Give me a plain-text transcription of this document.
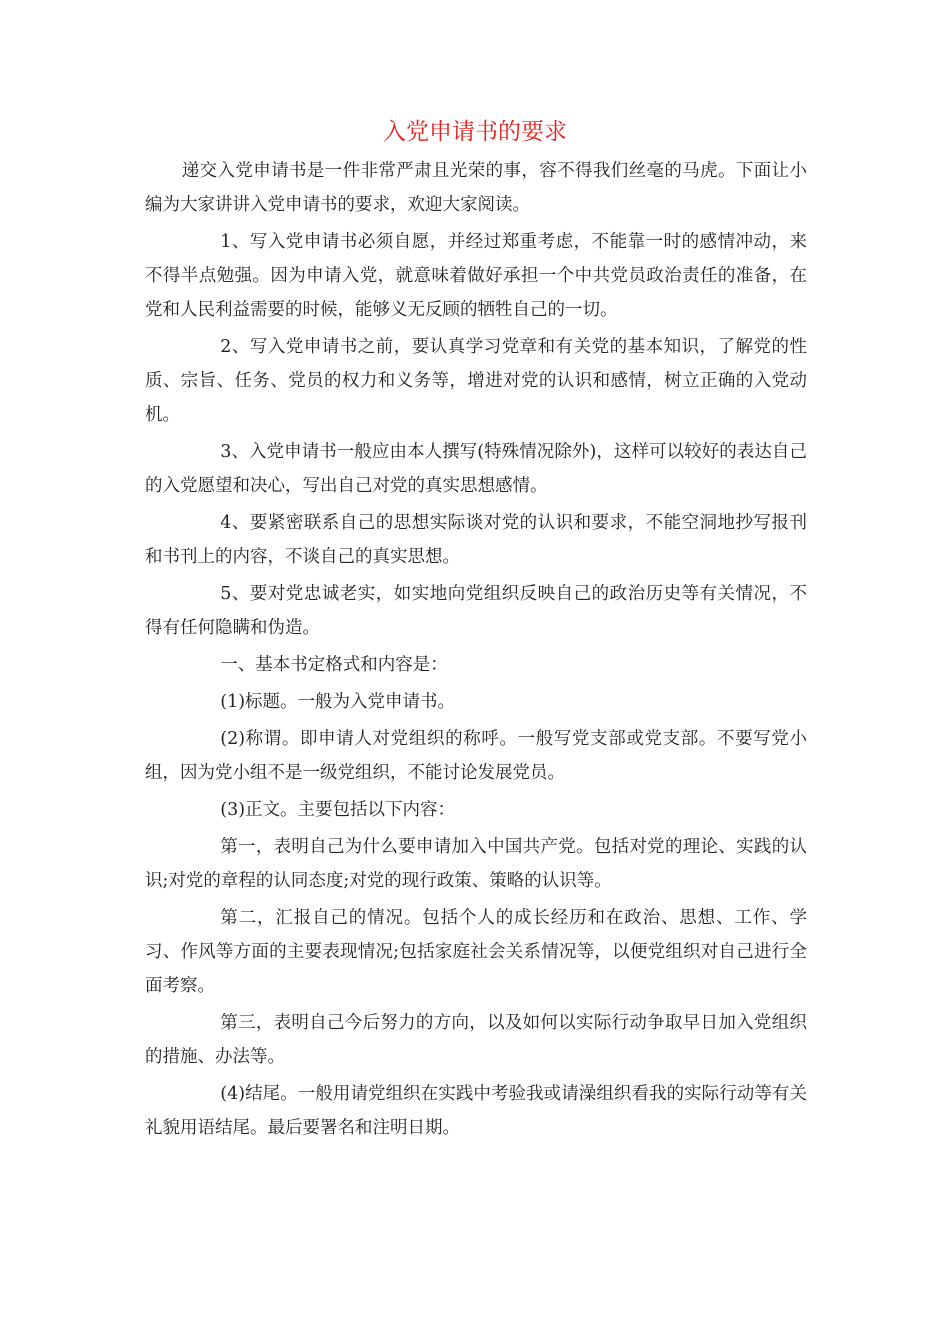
入党申请书的要求

递交入党申请书是一件非常严肃且光荣的事，容不得我们丝毫的马虎。下面让小编为大家讲讲入党申请书的要求，欢迎大家阅读。

1、写入党申请书必须自愿，并经过郑重考虑，不能靠一时的感情冲动，来不得半点勉强。因为申请入党，就意味着做好承担一个中共党员政治责任的准备，在党和人民利益需要的时候，能够义无反顾的牺牲自己的一切。

2、写入党申请书之前，要认真学习党章和有关党的基本知识，了解党的性质、宗旨、任务、党员的权力和义务等，增进对党的认识和感情，树立正确的入党动机。

3、入党申请书一般应由本人撰写(特殊情况除外)，这样可以较好的表达自己的入党愿望和决心，写出自己对党的真实思想感情。

4、要紧密联系自己的思想实际谈对党的认识和要求，不能空洞地抄写报刊和书刊上的内容，不谈自己的真实思想。

5、要对党忠诚老实，如实地向党组织反映自己的政治历史等有关情况，不得有任何隐瞒和伪造。

一、基本书定格式和内容是：

(1)标题。一般为入党申请书。

(2)称谓。即申请人对党组织的称呼。一般写党支部或党支部。不要写党小组，因为党小组不是一级党组织，不能讨论发展党员。

(3)正文。主要包括以下内容：

第一，表明自己为什么要申请加入中国共产党。包括对党的理论、实践的认识;对党的章程的认同态度;对党的现行政策、策略的认识等。

第二，汇报自己的情况。包括个人的成长经历和在政治、思想、工作、学习、作风等方面的主要表现情况;包括家庭社会关系情况等，以便党组织对自己进行全面考察。

第三，表明自己今后努力的方向，以及如何以实际行动争取早日加入党组织的措施、办法等。

(4)结尾。一般用请党组织在实践中考验我或请澡组织看我的实际行动等有关礼貌用语结尾。最后要署名和注明日期。
